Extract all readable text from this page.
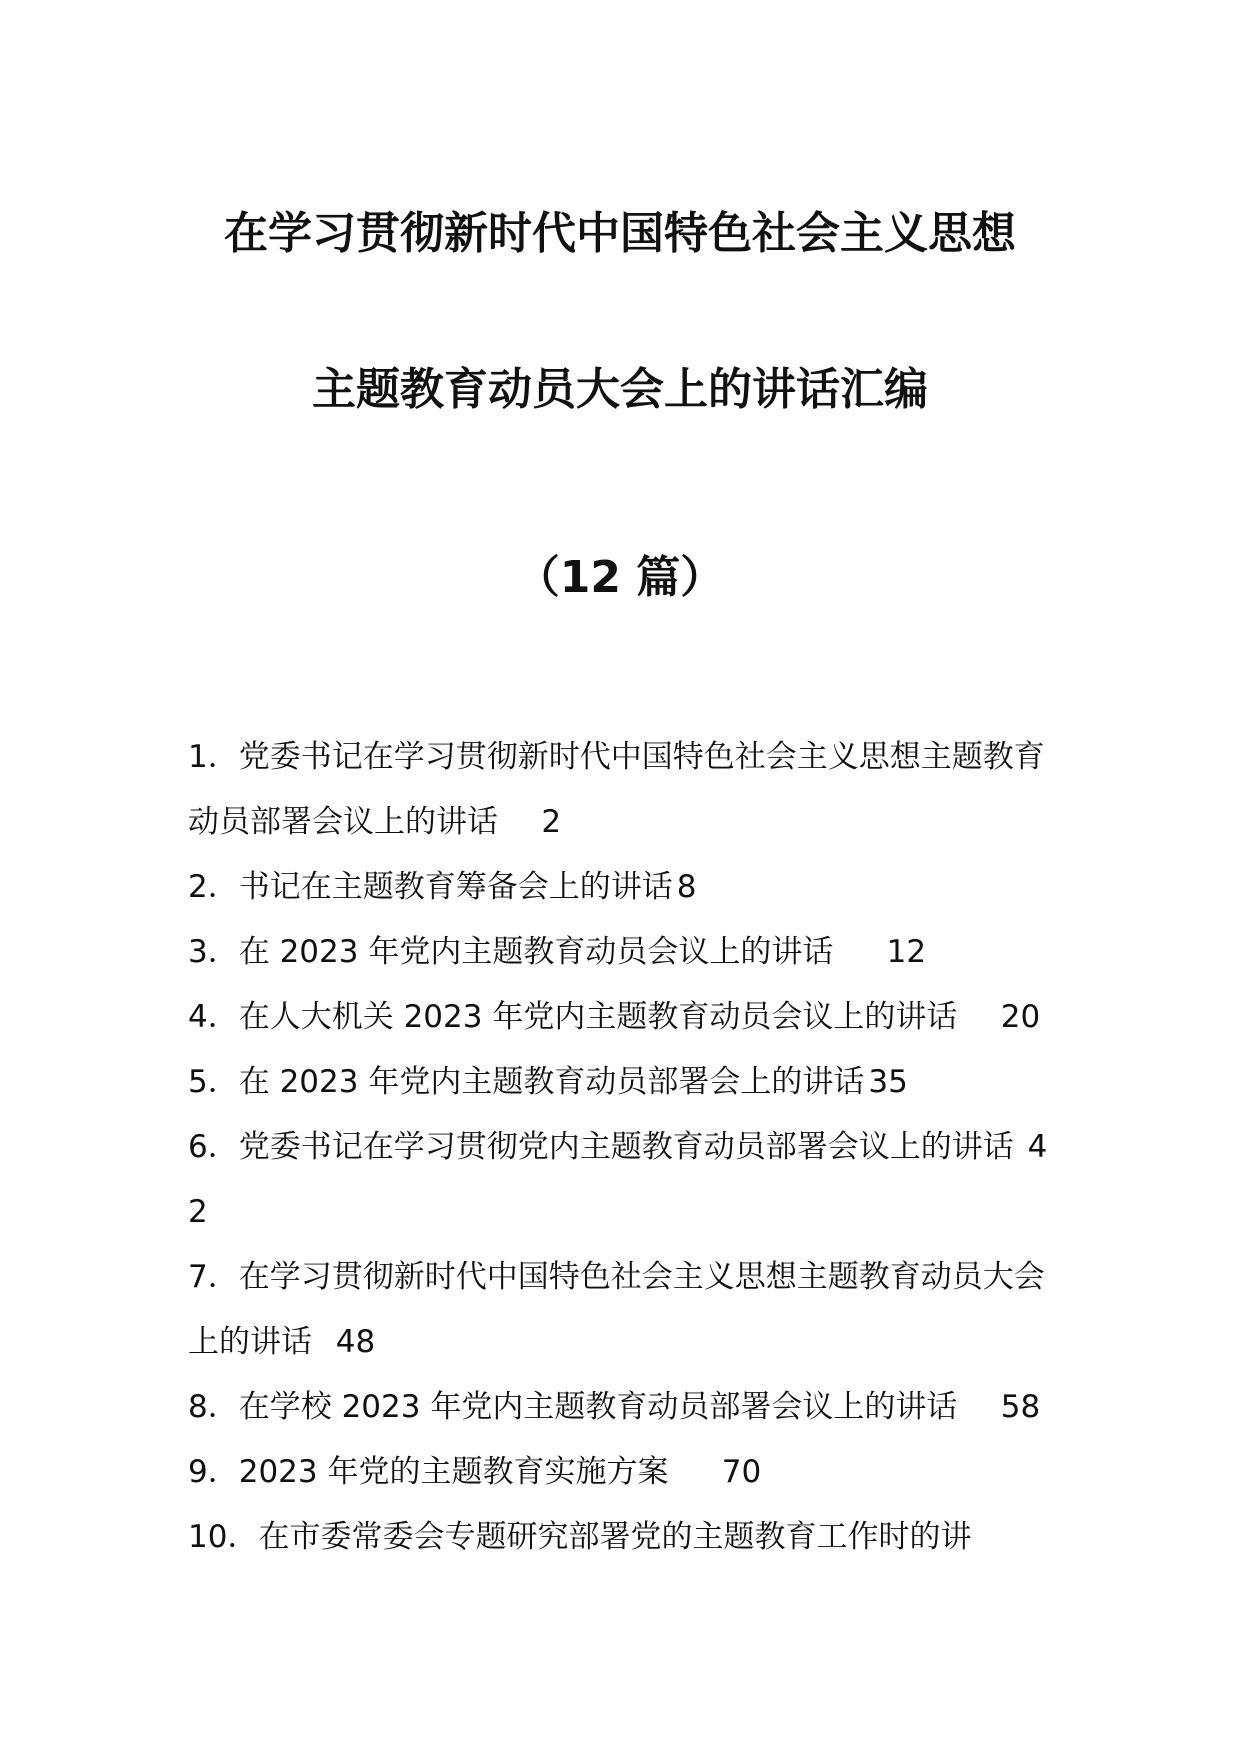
在学习贯彻新时代中国特色社会主义思想
主题教育动员大会上的讲话汇编
（12 篇）

1．党委书记在学习贯彻新时代中国特色社会主义思想主题教育动员部署会议上的讲话 2

2．书记在主题教育筹备会上的讲话 8

3．在 2023 年党内主题教育动员会议上的讲话 12

4．在人大机关 2023 年党内主题教育动员会议上的讲话 20

5．在 2023 年党内主题教育动员部署会上的讲话 35

6．党委书记在学习贯彻党内主题教育动员部署会议上的讲话 42

7．在学习贯彻新时代中国特色社会主义思想主题教育动员大会上的讲话 48

8．在学校 2023 年党内主题教育动员部署会议上的讲话 58

9．2023 年党的主题教育实施方案 70

10．在市委常委会专题研究部署党的主题教育工作时的讲
